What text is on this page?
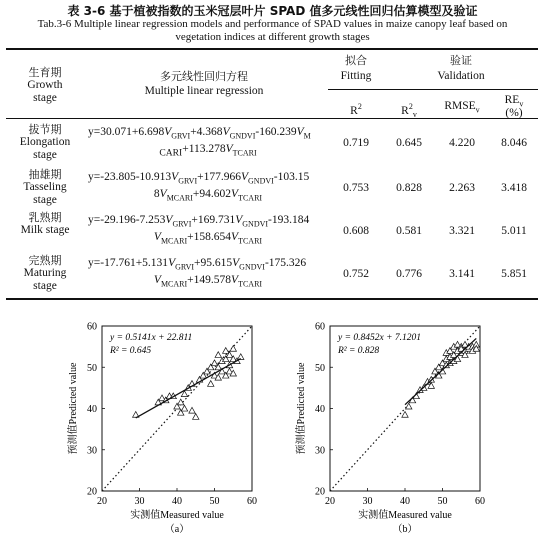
表 3-6 基于植被指数的玉米冠层叶片 SPAD 值多元线性回归估算模型及验证
Tab.3-6 Multiple linear regression models and performance of SPAD values in maize canopy leaf based on
vegetation indices at different growth stages
生育期
Growth
stage
多元线性回归方程
Multiple linear regression
拟合
Fitting
验证
Validation
$R^2$	$R^2_v$
$RMSE_v$
$RE_v$
(%)
拔节期
Elongation
stage
$y=30.071+6.698V_{GRVI}+4.368V_{GNDVI}-160.239V_M$
$_{CARI}+113.278V_{TCARI}$
0.719	0.645	4.220	8.046
抽雄期
Tasseling
stage
$y=-23.805-10.913V_{GRVI}+177.966V_{GNDVI}-103.15$
$8V_{MCARI}+94.602V_{TCARI}$
0.753	0.828	2.263	3.418
乳熟期
Milk stage
$y=-29.196-7.253V_{GRVI}+169.731V_{GNDVI}-193.184$
$V_{MCARI}+158.654V_{TCARI}$
0.608	0.581	3.321	5.011
完熟期
Maturing
stage
$y=-17.761+5.131V_{GRVI}+95.615V_{GNDVI}-175.326$
$V_{MCARI}+149.578V_{TCARI}$
0.752	0.776	3.141	5.851
20	30	40	50	60
20
30
40
50
60
y = 0.5141x + 22.811
R² = 0.645
实测值Measured value
预测值Predicted value
（a）
20	30	40	50	60
20
30
40
50
60
y = 0.8452x + 7.1201
R² = 0.828
实测值Measured value
预测值Predicted value
（b）
